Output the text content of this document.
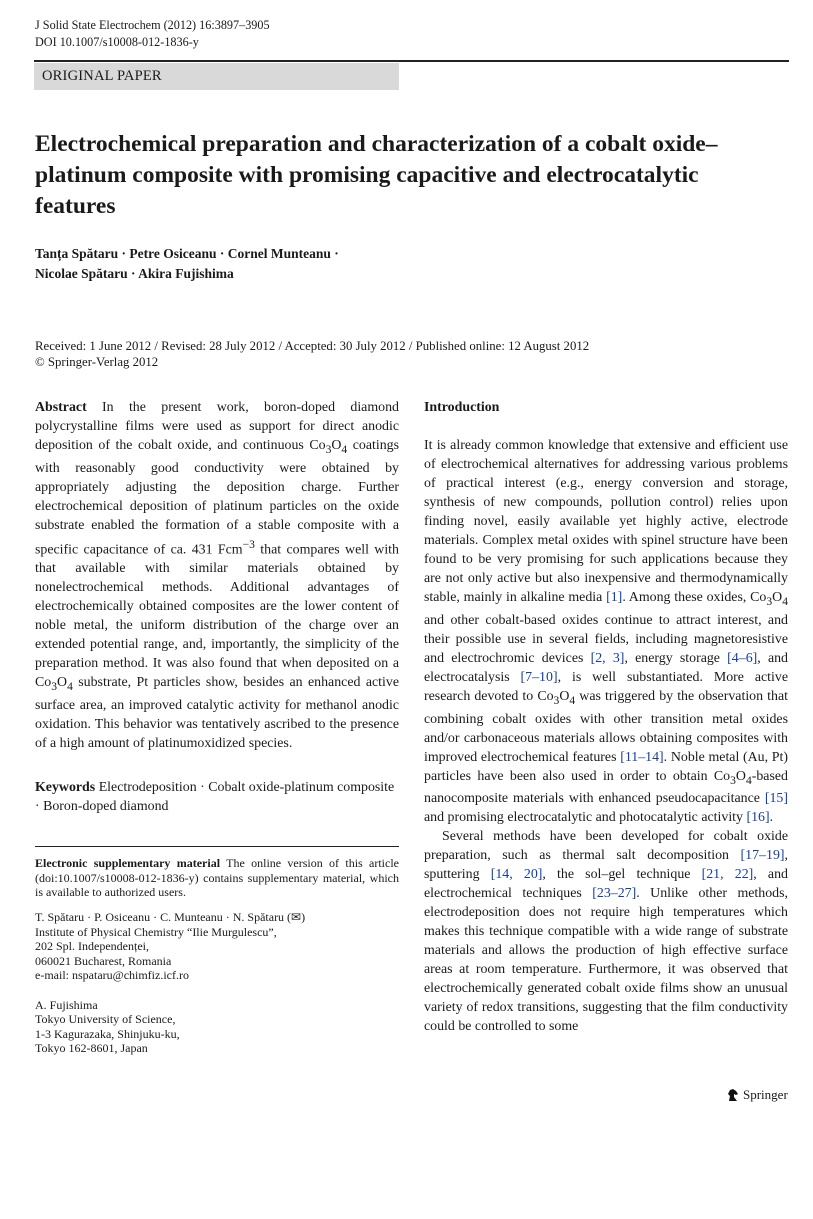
J Solid State Electrochem (2012) 16:3897–3905
DOI 10.1007/s10008-012-1836-y
ORIGINAL PAPER
Electrochemical preparation and characterization of a cobalt oxide–platinum composite with promising capacitive and electrocatalytic features
Tanța Spătaru · Petre Osiceanu · Cornel Munteanu ·
Nicolae Spătaru · Akira Fujishima
Received: 1 June 2012 / Revised: 28 July 2012 / Accepted: 30 July 2012 / Published online: 12 August 2012
© Springer-Verlag 2012

Abstract In the present work, boron-doped diamond polycrystalline films were used as support for direct anodic deposition of the cobalt oxide, and continuous $Co_3O_4$ coatings with reasonably good conductivity were obtained by appropriately adjusting the deposition charge. Further electrochemical deposition of platinum particles on the oxide substrate enabled the formation of a stable composite with a specific capacitance of ca. 431 Fcm$^{-3}$ that compares well with that available with similar materials obtained by nonelectrochemical methods. Additional advantages of electrochemically obtained composites are the lower content of noble metal, the uniform distribution of the charge over an extended potential range, and, importantly, the simplicity of the preparation method. It was also found that when deposited on a $Co_3O_4$ substrate, Pt particles show, besides an enhanced active surface area, an improved catalytic activity for methanol anodic oxidation. This behavior was tentatively ascribed to the presence of a high amount of platinumoxidized species.

Keywords Electrodeposition · Cobalt oxide-platinum composite · Boron-doped diamond
Electronic supplementary material The online version of this article (doi:10.1007/s10008-012-1836-y) contains supplementary material, which is available to authorized users.
T. Spătaru · P. Osiceanu · C. Munteanu · N. Spătaru (✉)
Institute of Physical Chemistry “Ilie Murgulescu”,
202 Spl. Independenței,
060021 Bucharest, Romania
e-mail: nspataru@chimfiz.icf.ro
A. Fujishima
Tokyo University of Science,
1-3 Kagurazaka, Shinjuku-ku,
Tokyo 162-8601, Japan
Introduction

It is already common knowledge that extensive and efficient use of electrochemical alternatives for addressing various problems of practical interest (e.g., energy conversion and storage, synthesis of new compounds, pollution control) relies upon finding novel, easily available yet highly active, electrode materials. Complex metal oxides with spinel structure have been found to be very promising for such applications because they are not only active but also inexpensive and thermodynamically stable, mainly in alkaline media [1]. Among these oxides, $Co_3O_4$ and other cobalt-based oxides continue to attract interest, and their possible use in several fields, including magnetoresistive and electrochromic devices [2, 3], energy storage [4–6], and electrocatalysis [7–10], is well substantiated. More active research devoted to $Co_3O_4$ was triggered by the observation that combining cobalt oxides with other transition metal oxides and/or carbonaceous materials allows obtaining composites with improved electrochemical features [11–14]. Noble metal (Au, Pt) particles have been also used in order to obtain $Co_3O_4$-based nanocomposite materials with enhanced pseudocapacitance [15] and promising electrocatalytic and photocatalytic activity [16].

Several methods have been developed for cobalt oxide preparation, such as thermal salt decomposition [17–19], sputtering [14, 20], the sol–gel technique [21, 22], and electrochemical techniques [23–27]. Unlike other methods, electrodeposition does not require high temperatures which makes this technique compatible with a wide range of substrate materials and allows the production of high effective surface areas at room temperature. Furthermore, it was observed that electrochemically generated cobalt oxide films show an unusual variety of redox transitions, suggesting that the film conductivity could be controlled to some

Springer
